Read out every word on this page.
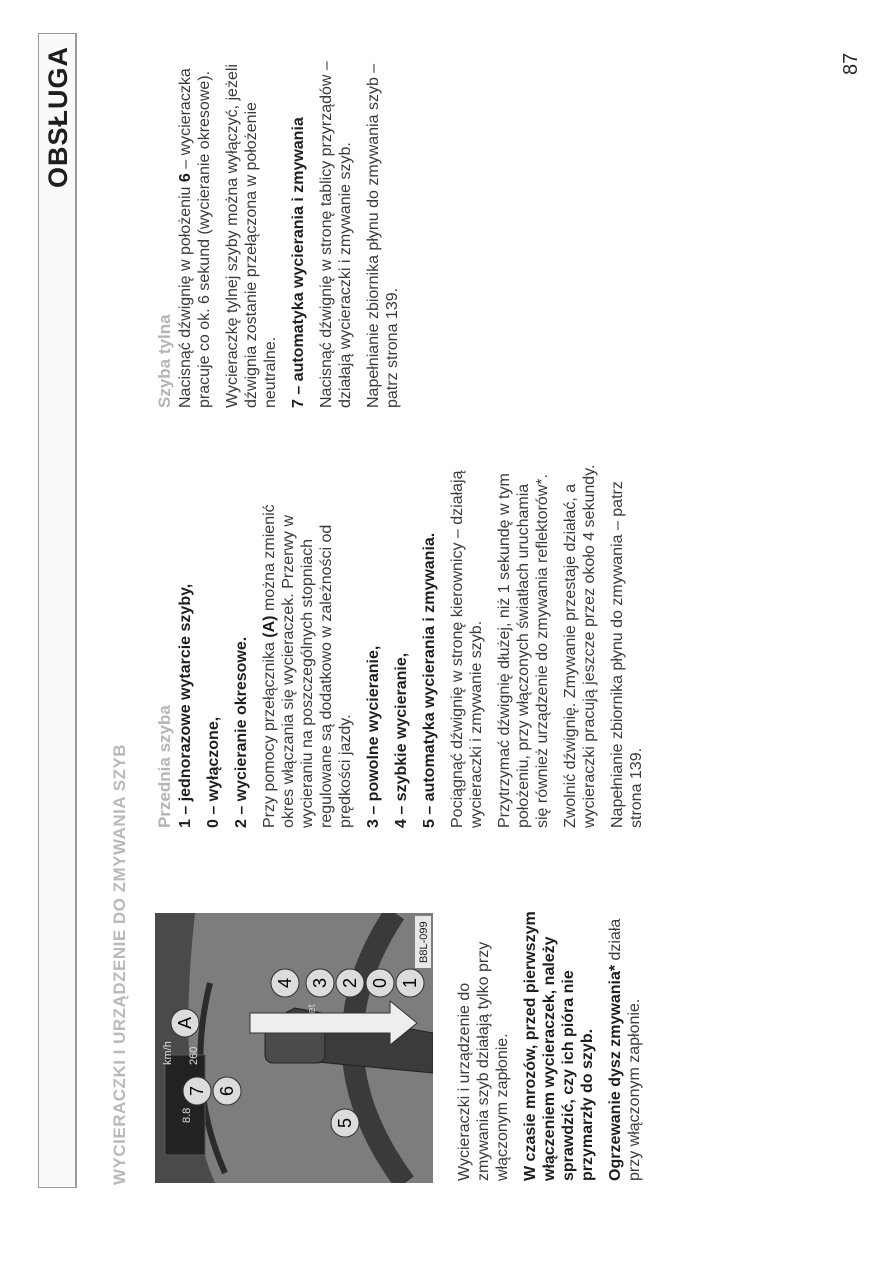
OBSŁUGA
WYCIERACZKI I URZĄDZENIE DO ZMYWANIA SZYB	8.8
km/h 260
1
0
2
3
4
5
6
7
A
B8L-099

Wycieraczki i urządzenie do zmywania szyb działają tylko przy włączonym zapłonie. W czasie mrozów, przed pierwszym włączeniem wycieraczek, należy sprawdzić, czy ich pióra nie przymarzły do szyb. Ogrzewanie dysz zmywania* działa przy włączonym zapłonie.

Przednia szyba 1 – jednorazowe wytarcie szyby, 0 – wyłączone, 2 – wycieranie okresowe. Przy pomocy przełącznika (A) można zmienić okres włączania się wycieraczek. Przerwy w wycieraniu na poszczególnych stopniach regulowane są dodatkowo w zależności od prędkości jazdy. 3 – powolne wycieranie, 4 – szybkie wycieranie, 5 – automatyka wycierania i zmywania. Pociągnąć dźwignię w stronę kierownicy – działają wycieraczki i zmywanie szyb. Przytrzymać dźwignię dłużej, niż 1 sekundę w tym położeniu, przy włączonych światłach uruchamia się również urządzenie do zmywania reflektorów*. Zwolnić dźwignię. Zmywanie przestaje działać, a wycieraczki pracują jeszcze przez około 4 sekundy. Napełnianie zbiornika płynu do zmywania – patrz strona 139.

Szyba tylna Nacisnąć dźwignię w położeniu 6 – wycieraczka pracuje co ok. 6 sekund (wycieranie okresowe). Wycieraczkę tylnej szyby można wyłączyć, jeżeli dźwignia zostanie przełączona w położenie neutralne. 7 – automatyka wycierania i zmywania Nacisnąć dźwignię w stronę tablicy przyrządów – działają wycieraczki i zmywanie szyb. Napełnianie zbiornika płynu do zmywania szyb – patrz strona 139.

87
